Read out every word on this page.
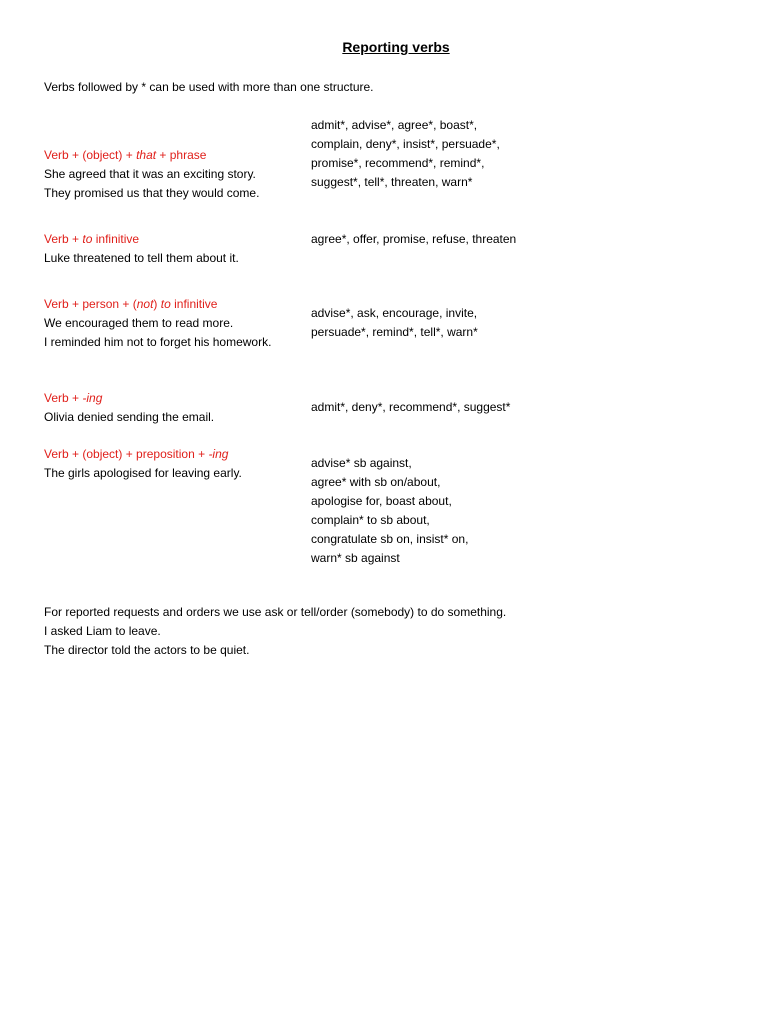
Reporting verbs
Verbs followed by * can be used with more than one structure.
Verb + (object) + that + phrase
She agreed that it was an exciting story.
They promised us that they would come.
admit*, advise*, agree*, boast*,
complain, deny*, insist*, persuade*,
promise*, recommend*, remind*,
suggest*, tell*, threaten, warn*
Verb + to infinitive
Luke threatened to tell them about it.
agree*, offer, promise, refuse, threaten
Verb + person + (not) to infinitive
We encouraged them to read more.
I reminded him not to forget his homework.
advise*, ask, encourage, invite,
persuade*, remind*, tell*, warn*
Verb + -ing
Olivia denied sending the email.
admit*, deny*, recommend*, suggest*
Verb + (object) + preposition + -ing
The girls apologised for leaving early.
advise* sb against,
agree* with sb on/about,
apologise for, boast about,
complain* to sb about,
congratulate sb on, insist* on,
warn* sb against
For reported requests and orders we use ask or tell/order (somebody) to do something.
I asked Liam to leave.
The director told the actors to be quiet.
